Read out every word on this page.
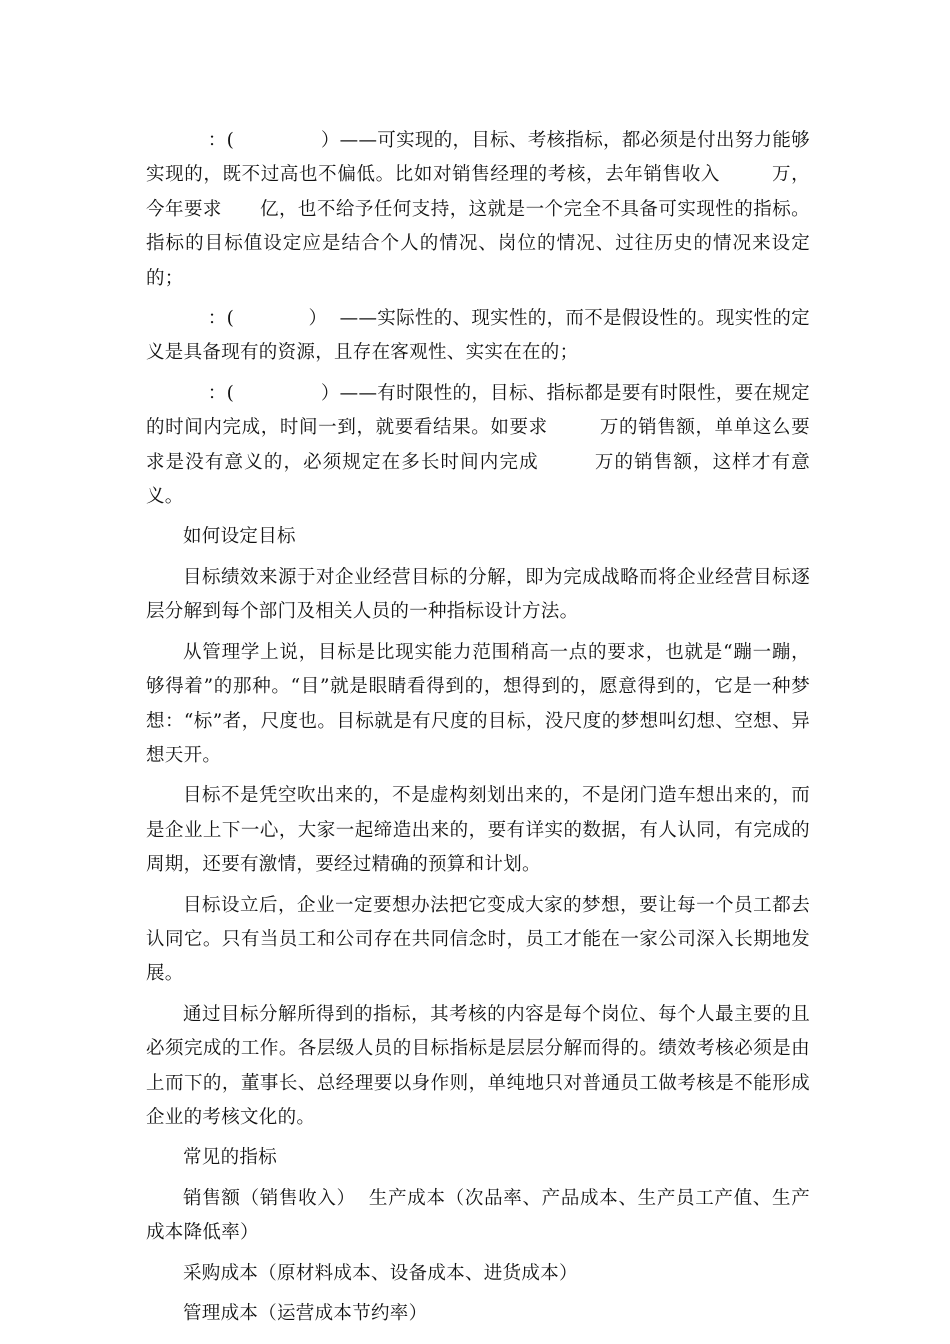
：(              ）——可实现的，目标、考核指标，都必须是付出努力能够实现的，既不过高也不偏低。比如对销售经理的考核，去年销售收入        万，今年要求      亿，也不给予任何支持，这就是一个完全不具备可实现性的指标。指标的目标值设定应是结合个人的情况、岗位的情况、过往历史的情况来设定的；

：(            ）  ——实际性的、现实性的，而不是假设性的。现实性的定义是具备现有的资源，且存在客观性、实实在在的；

：(              ）——有时限性的，目标、指标都是要有时限性，要在规定的时间内完成，时间一到，就要看结果。如要求        万的销售额，单单这么要求是没有意义的，必须规定在多长时间内完成        万的销售额，这样才有意义。

如何设定目标

目标绩效来源于对企业经营目标的分解，即为完成战略而将企业经营目标逐层分解到每个部门及相关人员的一种指标设计方法。

从管理学上说，目标是比现实能力范围稍高一点的要求，也就是“蹦一蹦，够得着”的那种。“目”就是眼睛看得到的，想得到的，愿意得到的，它是一种梦想：“标”者，尺度也。目标就是有尺度的目标，没尺度的梦想叫幻想、空想、异想天开。

目标不是凭空吹出来的，不是虚构刻划出来的，不是闭门造车想出来的，而是企业上下一心，大家一起缔造出来的，要有详实的数据，有人认同，有完成的周期，还要有激情，要经过精确的预算和计划。

目标设立后，企业一定要想办法把它变成大家的梦想，要让每一个员工都去认同它。只有当员工和公司存在共同信念时，员工才能在一家公司深入长期地发展。

通过目标分解所得到的指标，其考核的内容是每个岗位、每个人最主要的且必须完成的工作。各层级人员的目标指标是层层分解而得的。绩效考核必须是由上而下的，董事长、总经理要以身作则，单纯地只对普通员工做考核是不能形成企业的考核文化的。

常见的指标

销售额（销售收入）  生产成本（次品率、产品成本、生产员工产值、生产成本降低率）

采购成本（原材料成本、设备成本、进货成本）

管理成本（运营成本节约率）
